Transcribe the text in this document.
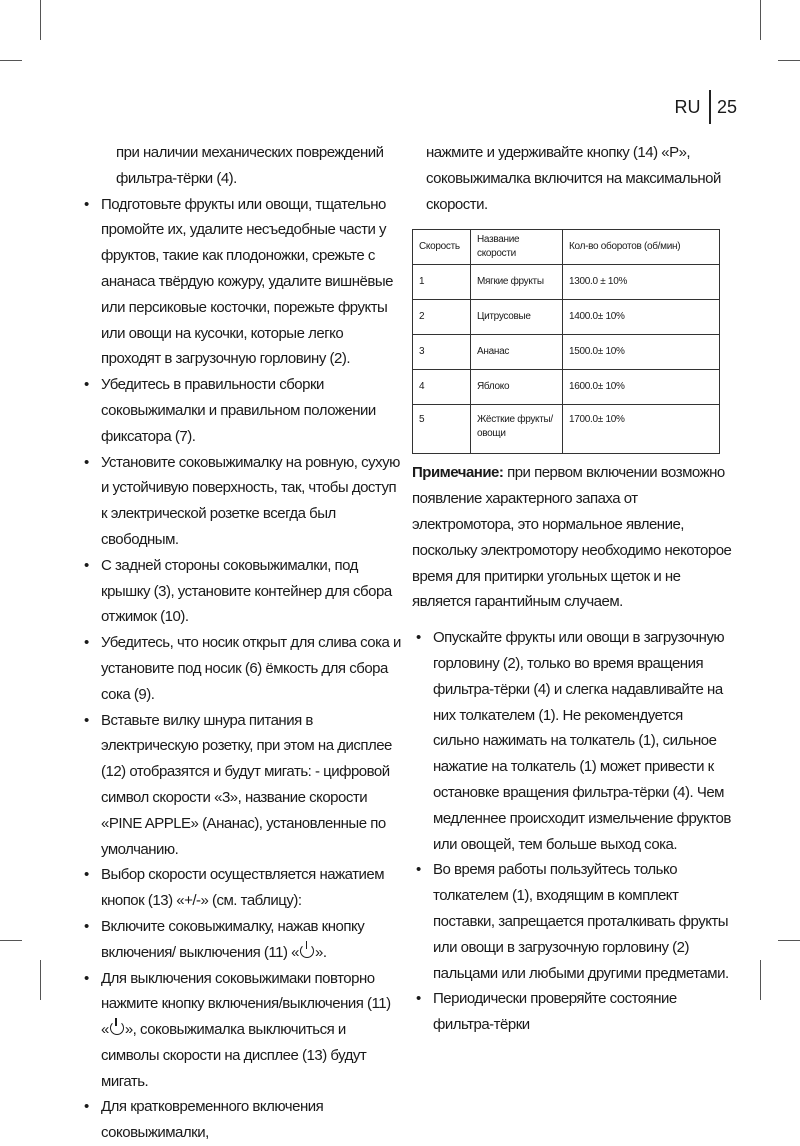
RU 25

при наличии механических повреждений фильтра-тёрки (4).

• Подготовьте фрукты или овощи, тщательно промойте их, удалите несъедобные части у фруктов, такие как плодоножки, срежьте с ананаса твёрдую кожуру, удалите вишнёвые или персиковые косточки, порежьте фрукты или овощи на кусочки, которые легко проходят в загрузочную горловину (2).
• Убедитесь в правильности сборки соковыжималки и правильном положении фиксатора (7).
• Установите соковыжималку на ровную, сухую и устойчивую поверхность, так, чтобы доступ к электрической розетке всегда был свободным.
• С задней стороны соковыжималки, под крышку (3), установите контейнер для сбора отжимок (10).
• Убедитесь, что носик открыт для слива сока и установите под носик (6) ёмкость для сбора сока (9).
• Вставьте вилку шнура питания в электрическую розетку, при этом на дисплее (12) отобразятся и будут мигать: - цифровой символ скорости «3», название скорости «PINE APPLE» (Ананас), установленные по умолчанию.
• Выбор скорости осуществляется нажатием кнопок (13) «+/-» (см. таблицу):
• Включите соковыжималку, нажав кнопку включения/ выключения (11) « ».
• Для выключения соковыжимаки повторно нажмите кнопку включения/выключения (11) « », соковыжималка выключиться и символы скорости на дисплее (13) будут мигать.
• Для кратковременного включения соковыжималки,

нажмите и удерживайте кнопку (14) «P», соковыжималка включится на максимальной скорости.

Скорость	Название скорости	Кол-во оборотов (об/мин)
1	Мягкие фрукты	1300.0 ± 10%
2	Цитрусовые	1400.0± 10%
3	Ананас	1500.0± 10%
4	Яблоко	1600.0± 10%
5	Жёсткие фрукты/ овощи	1700.0± 10%

Примечание: при первом включении возможно появление характерного запаха от электромотора, это нормальное явление, поскольку электромотору необходимо некоторое время для притирки угольных щеток и не является гарантийным случаем.

• Опускайте фрукты или овощи в загрузочную горловину (2), только во время вращения фильтра-тёрки (4) и слегка надавливайте на них толкателем (1). Не рекомендуется сильно нажимать на толкатель (1), сильное нажатие на толкатель (1) может привести к остановке вращения фильтра-тёрки (4). Чем медленнее происходит измельчение фруктов или овощей, тем больше выход сока.
• Во время работы пользуйтесь только толкателем (1), входящим в комплект поставки, запрещается проталкивать фрукты или овощи в загрузочную горловину (2) пальцами или любыми другими предметами.
• Периодически проверяйте состояние фильтра-тёрки
